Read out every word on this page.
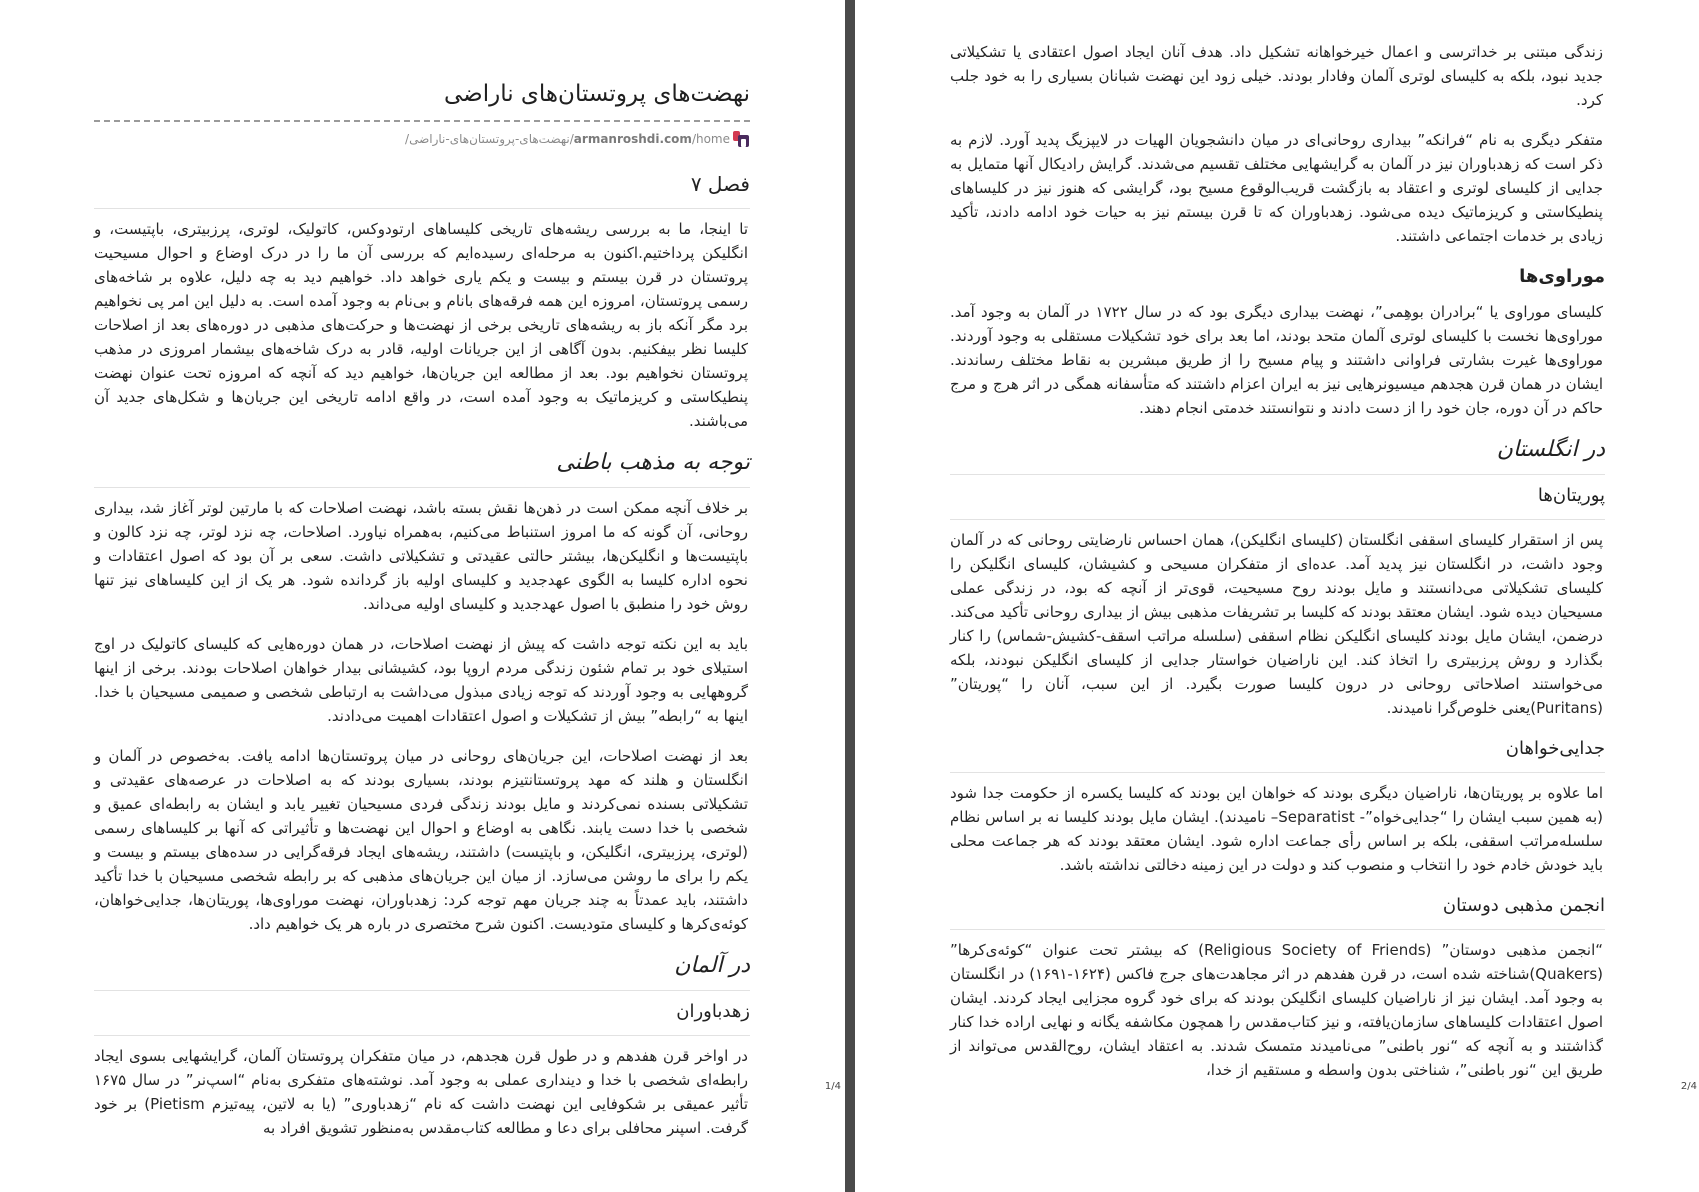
نهضت‌های پروتستان‌های ناراضی
/نهضت‌های-پروتستان‌های-ناراضی/armanroshdi.com/home
فصل ۷

تا اینجا، ما به بررسی ریشه‌های تاریخی کلیساهای ارتودوکس، کاتولیک، لوتری، پرزبیتری، باپتیست، و انگلیکن پرداختیم.اکنون به مرحله‌ای رسیده‌ایم که بررسی آن ما را در درک اوضاع و احوال مسیحیت پروتستان در قرن بیستم و بیست و یکم یاری خواهد داد. خواهیم دید به چه دلیل، علاوه بر شاخه‌های رسمی پروتستان، امروزه این همه فرقه‌های بانام و بی‌نام به وجود آمده است. به دلیل این امر پی نخواهیم برد مگر آنکه باز به ریشه‌های تاریخی برخی از نهضت‌ها و حرکت‌های مذهبی در دوره‌های بعد از اصلاحات کلیسا نظر بیفکنیم. بدون آگاهی از این جریانات اولیه، قادر به درک شاخه‌های بیشمار امروزی در مذهب پروتستان نخواهیم بود. بعد از مطالعه این جریان‌ها، خواهیم دید که آنچه که امروزه تحت عنوان نهضت پنطیکاستی و کریزماتیک به وجود آمده است، در واقع ادامه تاریخی این جریان‌ها و شکل‌های جدید آن می‌باشند.

توجه به مذهب باطنی

بر خلاف آنچه ممکن است در ذهن‌ها نقش بسته باشد، نهضت اصلاحات که با مارتین لوتر آغاز شد، بیداری روحانی، آن گونه که ما امروز استنباط می‌کنیم، به‌همراه نیاورد. اصلاحات، چه نزد لوتر، چه نزد کالون و باپتیست‌ها و انگلیکن‌ها، بیشتر حالتی عقیدتی و تشکیلاتی داشت. سعی بر آن بود که اصول اعتقادات و نحوه اداره کلیسا به الگوی عهدجدید و کلیسای اولیه باز گردانده شود. هر یک از این کلیساهای نیز تنها روش خود را منطبق با اصول عهدجدید و کلیسای اولیه می‌داند.

باید به این نکته توجه داشت که پیش از نهضت اصلاحات، در همان دوره‌هایی که کلیسای کاتولیک در اوج استیلای خود بر تمام شئون زندگی مردم اروپا بود، کشیشانی بیدار خواهان اصلاحات بودند. برخی از اینها گروههایی به وجود آوردند که توجه زیادی مبذول می‌داشت به ارتباطی شخصی و صمیمی مسیحیان با خدا. اینها به “رابطه” بیش از تشکیلات و اصول اعتقادات اهمیت می‌دادند.

بعد از نهضت اصلاحات، این جریان‌های روحانی در میان پروتستان‌ها ادامه یافت. به‌خصوص در آلمان و انگلستان و هلند که مهد پروتستانتیزم بودند، بسیاری بودند که به اصلاحات در عرصه‌های عقیدتی و تشکیلاتی بسنده نمی‌کردند و مایل بودند زندگی فردی مسیحیان تغییر یابد و ایشان به رابطه‌ای عمیق و شخصی با خدا دست یابند. نگاهی به اوضاع و احوال این نهضت‌ها و تأثیراتی که آنها بر کلیساهای رسمی (لوتری، پرزبیتری، انگلیکن، و باپتیست) داشتند، ریشه‌های ایجاد فرقه‌گرایی در سده‌های بیستم و بیست و یکم را برای ما روشن می‌سازد. از میان این جریان‌های مذهبی که بر رابطه شخصی مسیحیان با خدا تأکید داشتند، باید عمدتاً به چند جریان مهم توجه کرد: زهدباوران، نهضت موراوی‌ها، پوریتان‌ها، جدایی‌خواهان، کوئه‌ی‌کرها و کلیسای متودیست. اکنون شرح مختصری در باره هر یک خواهیم داد.

در آلمان
زهدباوران

در اواخر قرن هفدهم و در طول قرن هجدهم، در میان متفکران پروتستان آلمان، گرایشهایی بسوی ایجاد رابطه‌ای شخصی با خدا و دینداری عملی به وجود آمد. نوشته‌های متفکری به‌نام “اسپ‌نر” در سال ۱۶۷۵ تأثیر عمیقی بر شکوفایی این نهضت داشت که نام “زهدباوری” (یا به لاتین، پیه‌تیزم Pietism) بر خود گرفت. اسپنر محافلی برای دعا و مطالعه کتاب‌مقدس به‌منظور تشویق افراد به

1/4

زندگی مبتنی بر خداترسی و اعمال خیرخواهانه تشکیل داد. هدف آنان ایجاد اصول اعتقادی یا تشکیلاتی جدید نبود، بلکه به کلیسای لوتری آلمان وفادار بودند. خیلی زود این نهضت شبانان بسیاری را به خود جلب کرد.

متفکر دیگری به نام “فرانکه” بیداری روحانی‌ای در میان دانشجویان الهیات در لایپزیگ پدید آورد. لازم به ذکر است که زهدباوران نیز در آلمان به گرایشهایی مختلف تقسیم می‌شدند. گرایش رادیکال آنها متمایل به جدایی از کلیسای لوتری و اعتقاد به بازگشت قریب‌الوقوع مسیح بود، گرایشی که هنوز نیز در کلیساهای پنطیکاستی و کریزماتیک دیده می‌شود. زهدباوران که تا قرن بیستم نیز به حیات خود ادامه دادند، تأکید زیادی بر خدمات اجتماعی داشتند.

موراوی‌ها

کلیسای موراوی یا “برادران بوهِمی”، نهضت بیداری دیگری بود که در سال ۱۷۲۲ در آلمان به وجود آمد. موراوی‌ها نخست با کلیسای لوتری آلمان متحد بودند، اما بعد برای خود تشکیلات مستقلی به وجود آوردند. موراوی‌ها غیرت بشارتی فراوانی داشتند و پیام مسیح را از طریق مبشرین به نقاط مختلف رساندند. ایشان در همان قرن هجدهم میسیونرهایی نیز به ایران اعزام داشتند که متأسفانه همگی در اثر هرج و مرج حاکم در آن دوره، جان خود را از دست دادند و نتوانستند خدمتی انجام دهند.

در انگلستان
پوریتان‌ها

پس از استقرار کلیسای اسقفی انگلستان (کلیسای انگلیکن)، همان احساس نارضایتی روحانی که در آلمان وجود داشت، در انگلستان نیز پدید آمد. عده‌ای از متفکران مسیحی و کشیشان، کلیسای انگلیکن را کلیسای تشکیلاتی می‌دانستند و مایل بودند روح مسیحیت، قوی‌تر از آنچه که بود، در زندگی عملی مسیحیان دیده شود. ایشان معتقد بودند که کلیسا بر تشریفات مذهبی بیش از بیداری روحانی تأکید می‌کند. درضمن، ایشان مایل بودند کلیسای انگلیکن نظام اسقفی (سلسله مراتب اسقف-کشیش-شماس) را کنار بگذارد و روش پرزبیتری را اتخاذ کند. این ناراضیان خواستار جدایی از کلیسای انگلیکن نبودند، بلکه می‌خواستند اصلاحاتی روحانی در درون کلیسا صورت بگیرد. از این سبب، آنان را “پوریتان” (Puritans)یعنی خلوص‌گرا نامیدند.

جدایی‌خواهان

اما علاوه بر پوریتان‌ها، ناراضیان دیگری بودند که خواهان این بودند که کلیسا یکسره از حکومت جدا شود (به همین سبب ایشان را “جدایی‌خواه”- Separatist– نامیدند). ایشان مایل بودند کلیسا نه بر اساس نظام سلسله‌مراتب اسقفی، بلکه بر اساس رأی جماعت اداره شود. ایشان معتقد بودند که هر جماعت محلی باید خودش خادم خود را انتخاب و منصوب کند و دولت در این زمینه دخالتی نداشته باشد.

انجمن مذهبی دوستان

“انجمن مذهبی دوستان” (Religious Society of Friends) که بیشتر تحت عنوان “کوئه‌ی‌کرها” (Quakers)شناخته شده است، در قرن هفدهم در اثر مجاهدت‌های جرج فاکس (۱۶۲۴-۱۶۹۱) در انگلستان به وجود آمد. ایشان نیز از ناراضیان کلیسای انگلیکن بودند که برای خود گروه مجزایی ایجاد کردند. ایشان اصول اعتقادات کلیساهای سازمان‌یافته، و نیز کتاب‌مقدس را همچون مکاشفه یگانه و نهایی اراده خدا کنار گذاشتند و به آنچه که “نور باطنی” می‌نامیدند متمسک شدند. به اعتقاد ایشان، روح‌القدس می‌تواند از طریق این “نور باطنی”، شناختی بدون واسطه و مستقیم از خدا،

2/4
